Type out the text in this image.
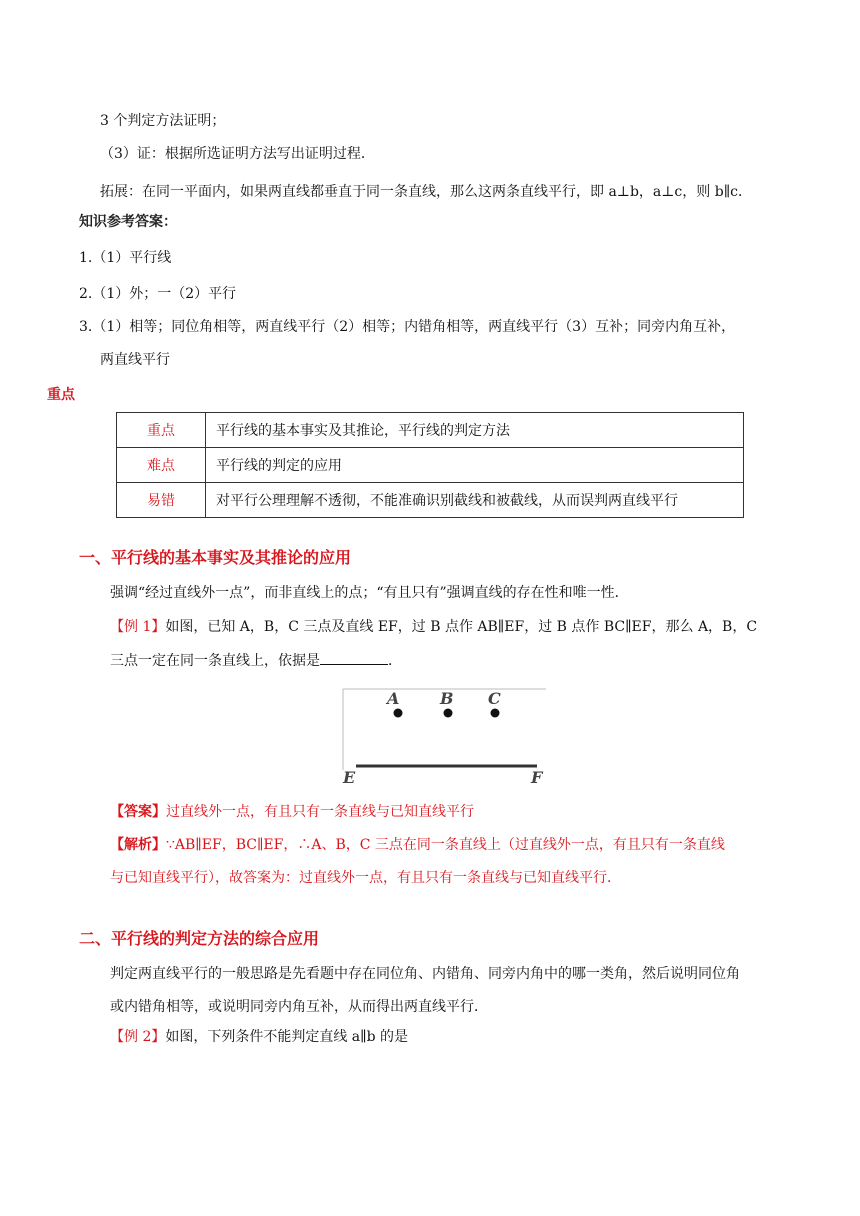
3 个判定方法证明；
（3）证：根据所选证明方法写出证明过程．
拓展：在同一平面内，如果两直线都垂直于同一条直线，那么这两条直线平行，即 a⊥b，a⊥c，则 b∥c．
知识参考答案：
1.（1）平行线
2.（1）外；一（2）平行
3.（1）相等；同位角相等，两直线平行（2）相等；内错角相等，两直线平行（3）互补；同旁内角互补，
两直线平行
重点
重点	平行线的基本事实及其推论，平行线的判定方法
难点	平行线的判定的应用
易错	对平行公理理解不透彻，不能准确识别截线和被截线，从而误判两直线平行
一、平行线的基本事实及其推论的应用
强调“经过直线外一点”，而非直线上的点；“有且只有”强调直线的存在性和唯一性．
【例 1】如图，已知 A，B，C 三点及直线 EF，过 B 点作 AB∥EF，过 B 点作 BC∥EF，那么 A，B，C
三点一定在同一条直线上，依据是	．
A	B C
E	F
【答案】过直线外一点，有且只有一条直线与已知直线平行
【解析】∵AB∥EF，BC∥EF，∴A、B，C 三点在同一条直线上（过直线外一点，有且只有一条直线
与已知直线平行），故答案为：过直线外一点，有且只有一条直线与已知直线平行．
二、平行线的判定方法的综合应用
判定两直线平行的一般思路是先看题中存在同位角、内错角、同旁内角中的哪一类角，然后说明同位角
或内错角相等，或说明同旁内角互补，从而得出两直线平行．
【例 2】如图，下列条件不能判定直线 a∥b 的是
